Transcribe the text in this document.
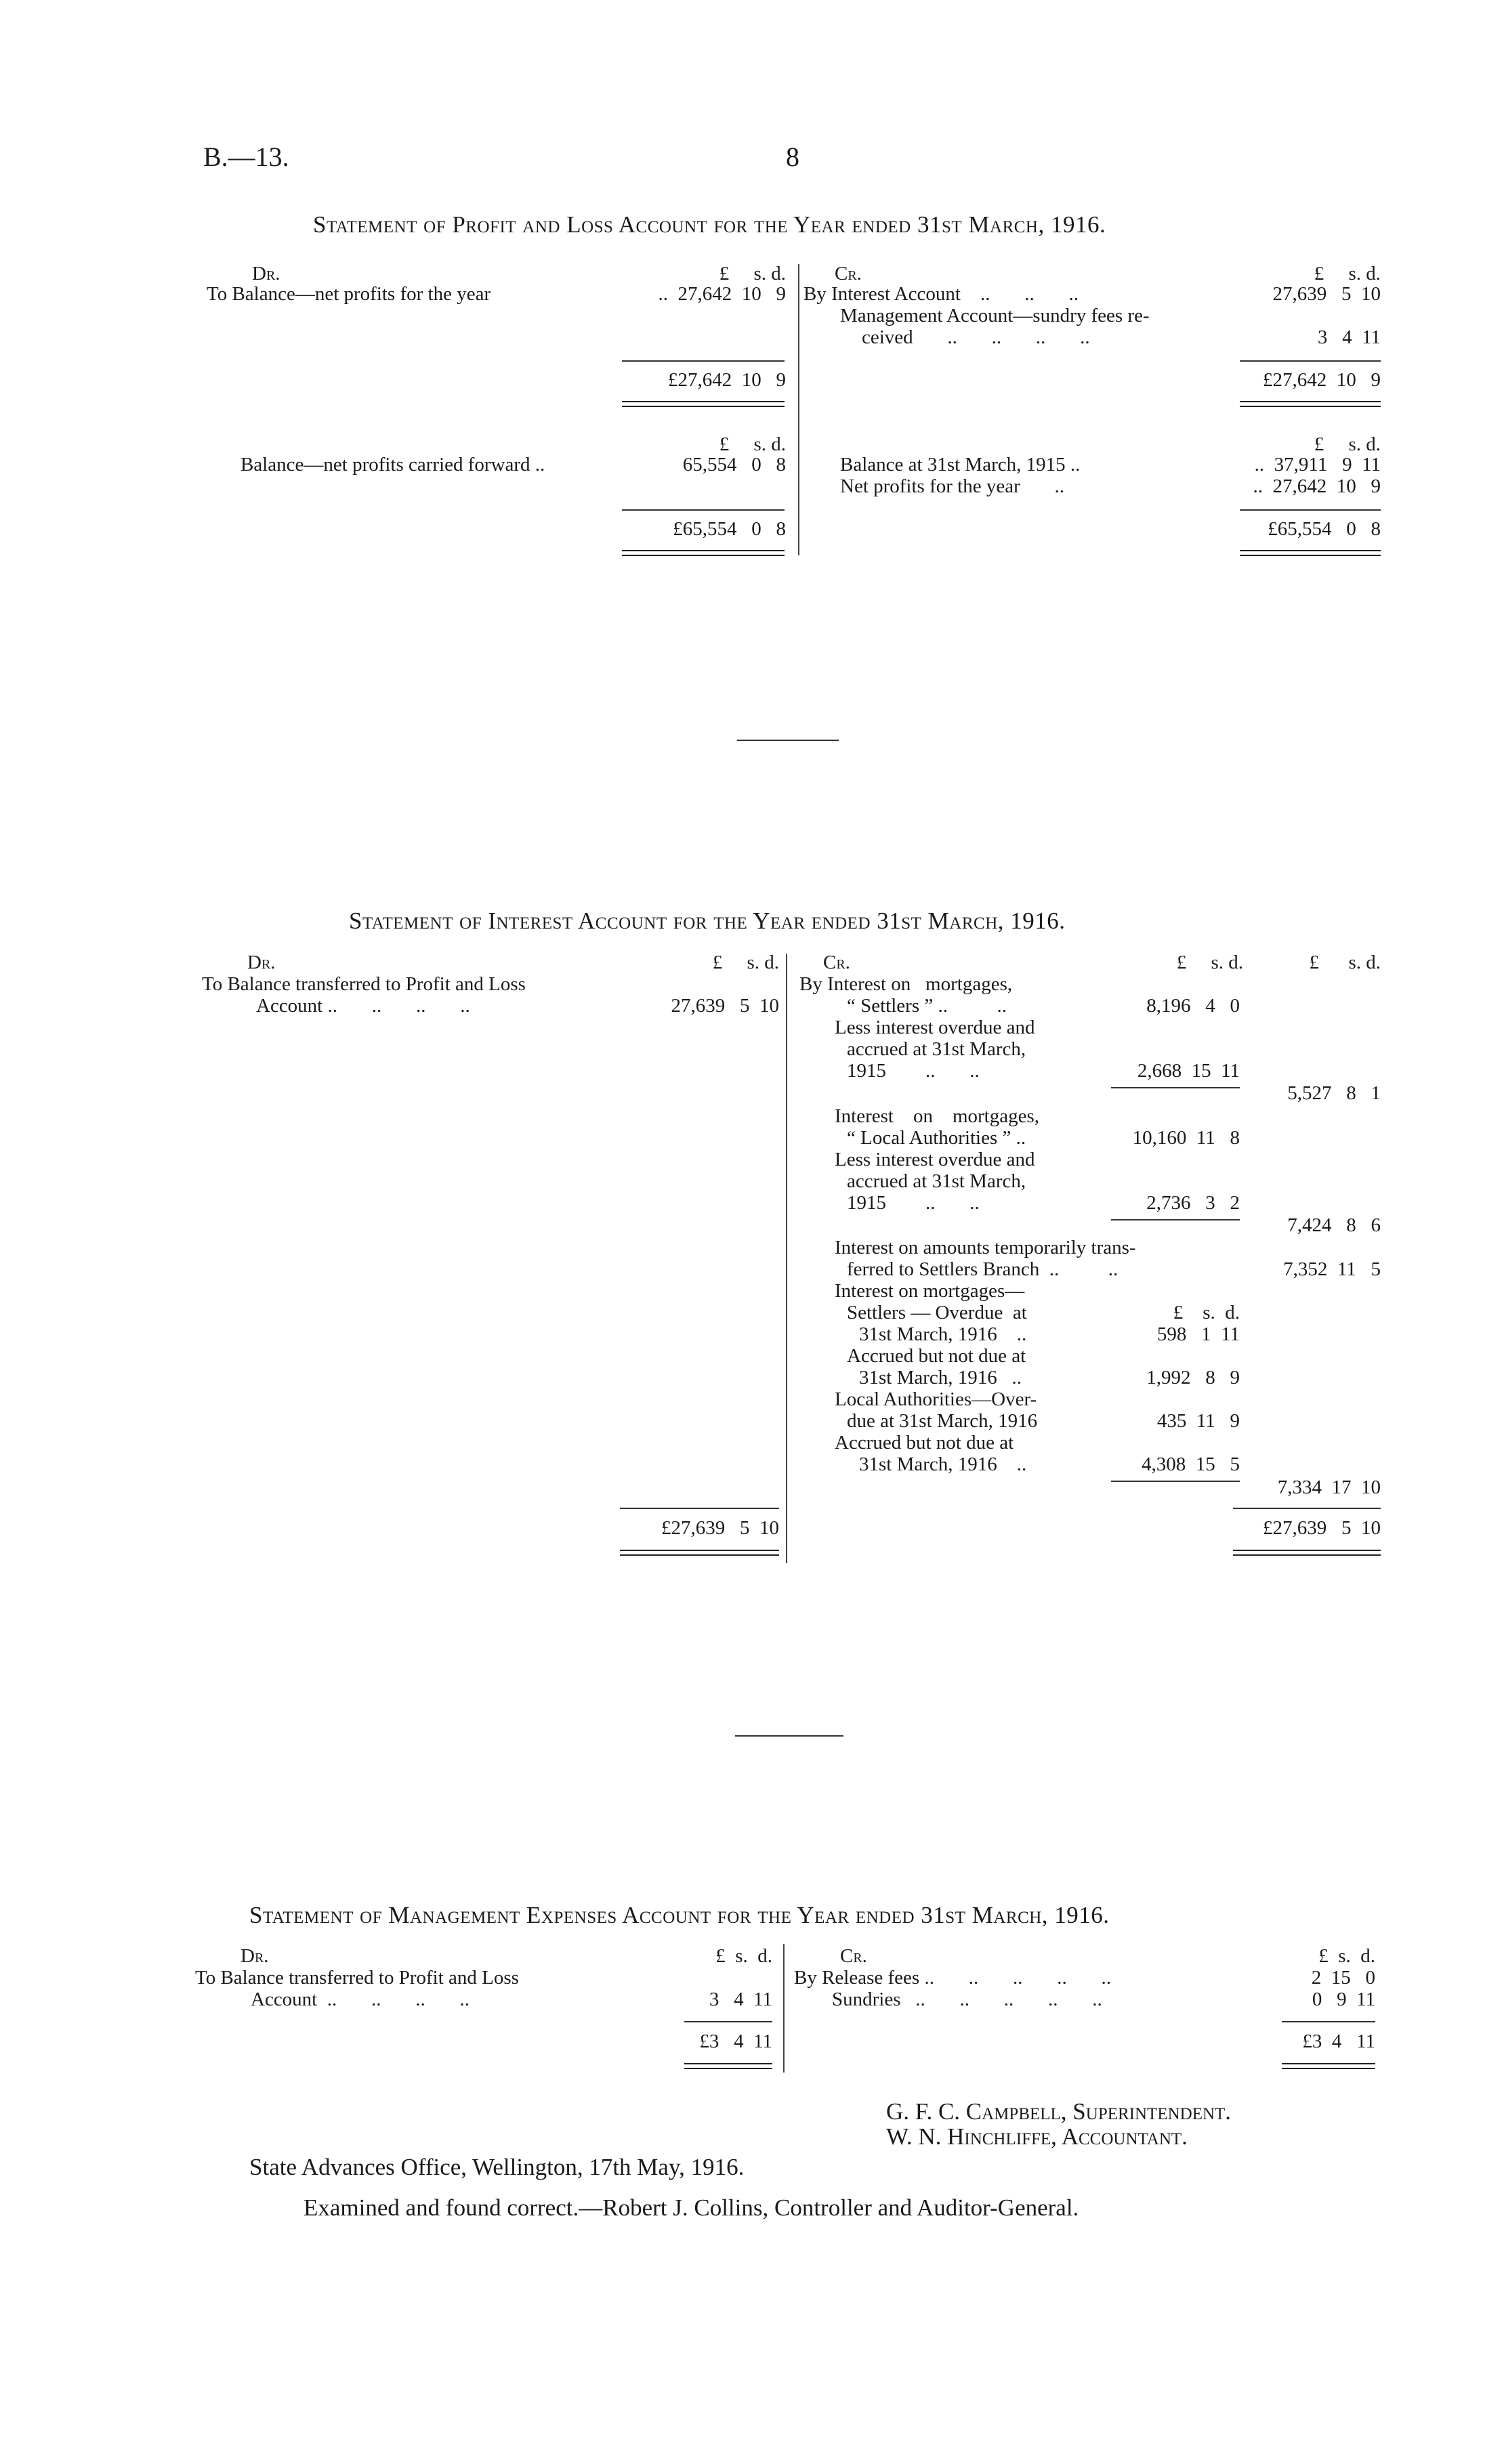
B.—13.	8
Statement of Profit and Loss Account for the Year ended 31st March, 1916.
Dr.	£     s. d. Cr.	£     s. d.
To Balance—net profits for the year	..  27,642  10   9 By Interest Account    ..       ..       ..	27,639   5  10
Management Account—sundry fees re-
ceived       ..       ..       ..       ..	3   4  11
£27,642  10   9	£27,642  10   9
£     s. d.	£     s. d.
Balance—net profits carried forward ..	65,554   0   8	Balance at 31st March, 1915 ..	..  37,911   9  11
Net profits for the year       ..	..  27,642  10   9
£65,554   0   8	£65,554   0   8
Statement of Interest Account for the Year ended 31st March, 1916.
Dr.	£     s. d. Cr.	£     s. d.	£      s. d.
To Balance transferred to Profit and Loss
Account ..       ..       ..       ..	27,639   5  10
By Interest on   mortgages,
“ Settlers ” ..          ..	8,196   4   0
Less interest overdue and
accrued at 31st March,
1915        ..       ..	2,668  15  11
5,527   8   1
Interest    on    mortgages,
“ Local Authorities ” ..	10,160  11   8
Less interest overdue and
accrued at 31st March,
1915        ..       ..	2,736   3   2
7,424   8   6
Interest on amounts temporarily trans-
ferred to Settlers Branch  ..          ..	7,352  11   5
Interest on mortgages—
Settlers — Overdue  at	£    s.  d.
31st March, 1916    ..	598   1  11
Accrued but not due at
31st March, 1916   ..	1,992   8   9
Local Authorities—Over-
due at 31st March, 1916	435  11   9
Accrued but not due at
31st March, 1916    ..	4,308  15   5
7,334  17  10
£27,639   5  10	£27,639   5  10
Statement of Management Expenses Account for the Year ended 31st March, 1916.
Dr.	£  s.  d.	Cr.	£  s.  d.
To Balance transferred to Profit and Loss
Account  ..       ..       ..       ..	3   4  11
By Release fees ..       ..       ..       ..       ..	2  15   0
Sundries   ..       ..       ..       ..       ..	0   9  11
£3   4  11	£3  4   11
G. F. C. Campbell, Superintendent.
W. N. Hinchliffe, Accountant.
State Advances Office, Wellington, 17th May, 1916.
Examined and found correct.—Robert J. Collins, Controller and Auditor-General.
